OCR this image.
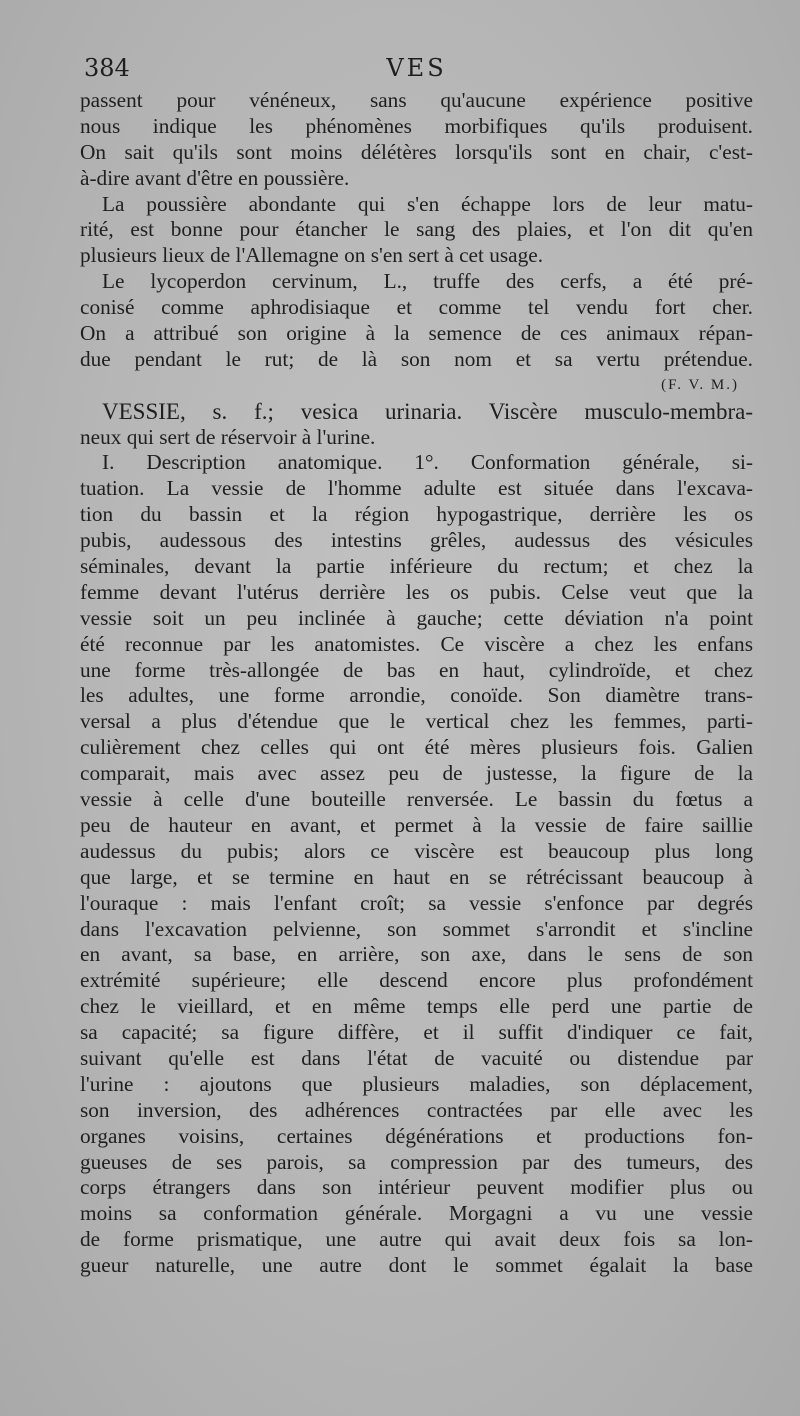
384	VES
passent pour vénéneux, sans qu'aucune expérience positive
nous indique les phénomènes morbifiques qu'ils produisent.
On sait qu'ils sont moins délétères lorsqu'ils sont en chair, c'est-
à-dire avant d'être en poussière.
La poussière abondante qui s'en échappe lors de leur matu-
rité, est bonne pour étancher le sang des plaies, et l'on dit qu'en
plusieurs lieux de l'Allemagne on s'en sert à cet usage.
Le lycoperdon cervinum, L., truffe des cerfs, a été pré-
conisé comme aphrodisiaque et comme tel vendu fort cher.
On a attribué son origine à la semence de ces animaux répan-
due pendant le rut; de là son nom et sa vertu prétendue.
(F. V. M.)
VESSIE, s. f.; vesica urinaria. Viscère musculo-membra-
neux qui sert de réservoir à l'urine.
I. Description anatomique. 1°. Conformation générale, si-
tuation. La vessie de l'homme adulte est située dans l'excava-
tion du bassin et la région hypogastrique, derrière les os
pubis, audessous des intestins grêles, audessus des vésicules
séminales, devant la partie inférieure du rectum; et chez la
femme devant l'utérus derrière les os pubis. Celse veut que la
vessie soit un peu inclinée à gauche; cette déviation n'a point
été reconnue par les anatomistes. Ce viscère a chez les enfans
une forme très-allongée de bas en haut, cylindroïde, et chez
les adultes, une forme arrondie, conoïde. Son diamètre trans-
versal a plus d'étendue que le vertical chez les femmes, parti-
culièrement chez celles qui ont été mères plusieurs fois. Galien
comparait, mais avec assez peu de justesse, la figure de la
vessie à celle d'une bouteille renversée. Le bassin du fœtus a
peu de hauteur en avant, et permet à la vessie de faire saillie
audessus du pubis; alors ce viscère est beaucoup plus long
que large, et se termine en haut en se rétrécissant beaucoup à
l'ouraque : mais l'enfant croît; sa vessie s'enfonce par degrés
dans l'excavation pelvienne, son sommet s'arrondit et s'incline
en avant, sa base, en arrière, son axe, dans le sens de son
extrémité supérieure; elle descend encore plus profondément
chez le vieillard, et en même temps elle perd une partie de
sa capacité; sa figure diffère, et il suffit d'indiquer ce fait,
suivant qu'elle est dans l'état de vacuité ou distendue par
l'urine : ajoutons que plusieurs maladies, son déplacement,
son inversion, des adhérences contractées par elle avec les
organes voisins, certaines dégénérations et productions fon-
gueuses de ses parois, sa compression par des tumeurs, des
corps étrangers dans son intérieur peuvent modifier plus ou
moins sa conformation générale. Morgagni a vu une vessie
de forme prismatique, une autre qui avait deux fois sa lon-
gueur naturelle, une autre dont le sommet égalait la base
